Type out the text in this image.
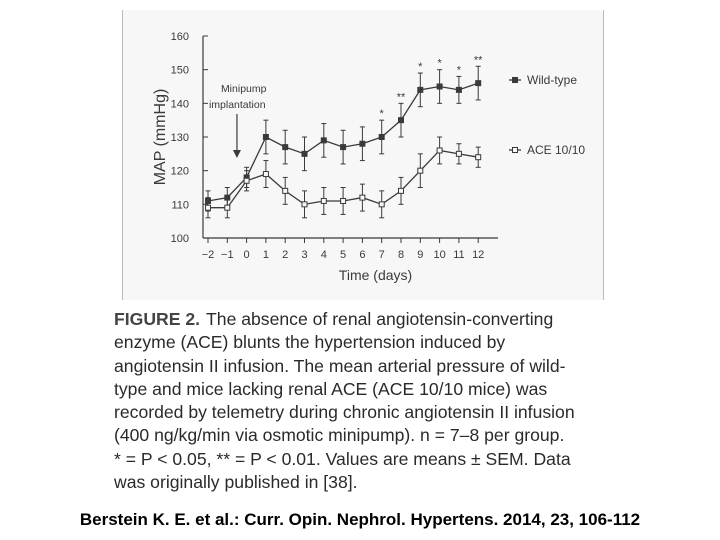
100
110
120
130
140
150
160
−2 −1 0 1 2 3 4 5 6 7 8 9 10 11 12
Time (days)
MAP (mmHg)
Wild-type
ACE 10/10
*
**
* *
*
**
Minipump
implantation
FIGURE 2. The absence of renal angiotensin-converting
enzyme (ACE) blunts the hypertension induced by
angiotensin II infusion. The mean arterial pressure of wild-
type and mice lacking renal ACE (ACE 10/10 mice) was
recorded by telemetry during chronic angiotensin II infusion
(400 ng/kg/min via osmotic minipump). n = 7–8 per group.
* = P < 0.05, ** = P < 0.01. Values are means ± SEM. Data
was originally published in [38].
Berstein K. E. et al.: Curr. Opin. Nephrol. Hypertens. 2014, 23, 106-112
